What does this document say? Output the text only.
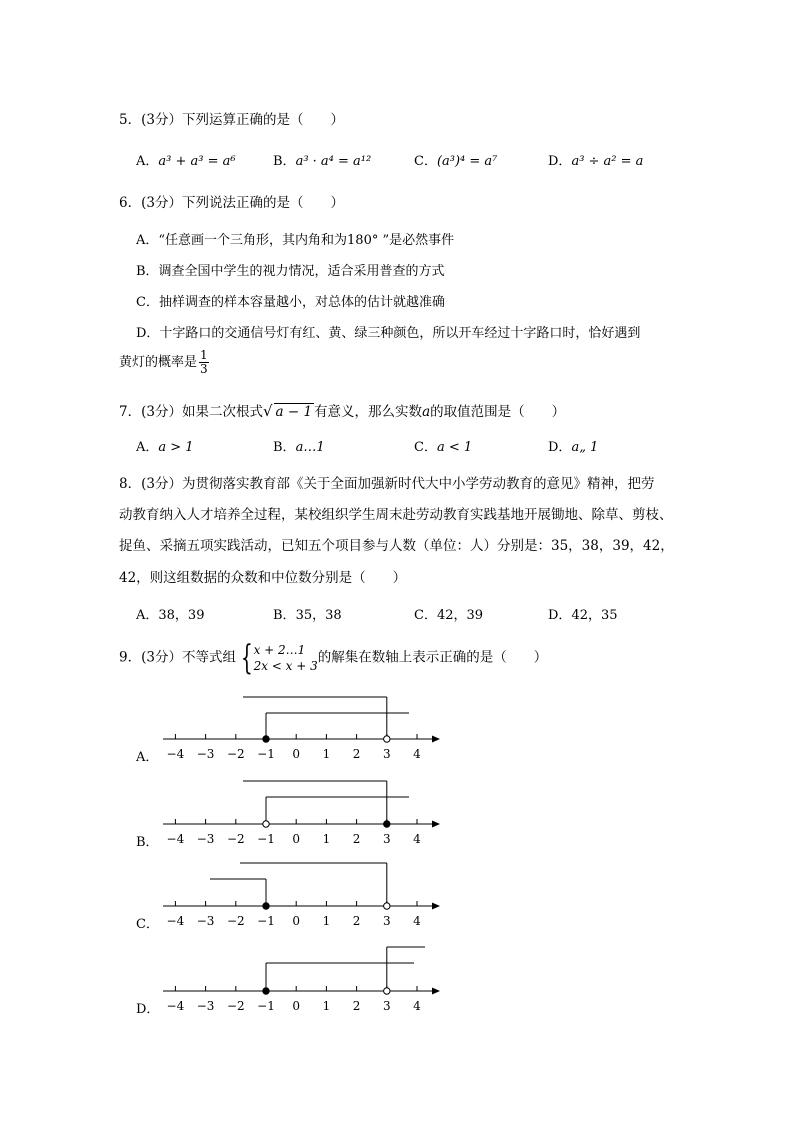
5．(3分）下列运算正确的是（　　）
A．a³ + a³ = a⁶	B．a³ · a⁴ = a¹²	C．(a³)⁴ = a⁷	D．a³ ÷ a² = a
6．(3分）下列说法正确的是（　　）
A．“任意画一个三角形，其内角和为180° ”是必然事件
B．调查全国中学生的视力情况，适合采用普查的方式
C．抽样调查的样本容量越小，对总体的估计就越准确
D．十字路口的交通信号灯有红、黄、绿三种颜色，所以开车经过十字路口时，恰好遇到
黄灯的概率是 $\frac{1}{3}$
7．(3分）如果二次根式√ a − 1 有意义，那么实数a的取值范围是（　　）
A．a > 1	B．a…1	C．a < 1	D．a„ 1
8．(3分）为贯彻落实教育部《关于全面加强新时代大中小学劳动教育的意见》精神，把劳
动教育纳入人才培养全过程，某校组织学生周末赴劳动教育实践基地开展锄地、除草、剪枝、
捉鱼、采摘五项实践活动，已知五个项目参与人数（单位：人）分别是：35，38，39，42，
42，则这组数据的众数和中位数分别是（　　）
A．38，39	B．35，38	C．42，39	D．42，35
9．(3分）不等式组 { x + 2…1
2x < x + 3
的解集在数轴上表示正确的是（　　）
A．
B．
C．
D．
−4 −3 −2 −1 0 1 2 3 4
−4 −3 −2 −1 0 1 2 3 4
−4 −3 −2 −1 0 1 2 3 4
−4 −3 −2 −1 0 1 2 3 4
